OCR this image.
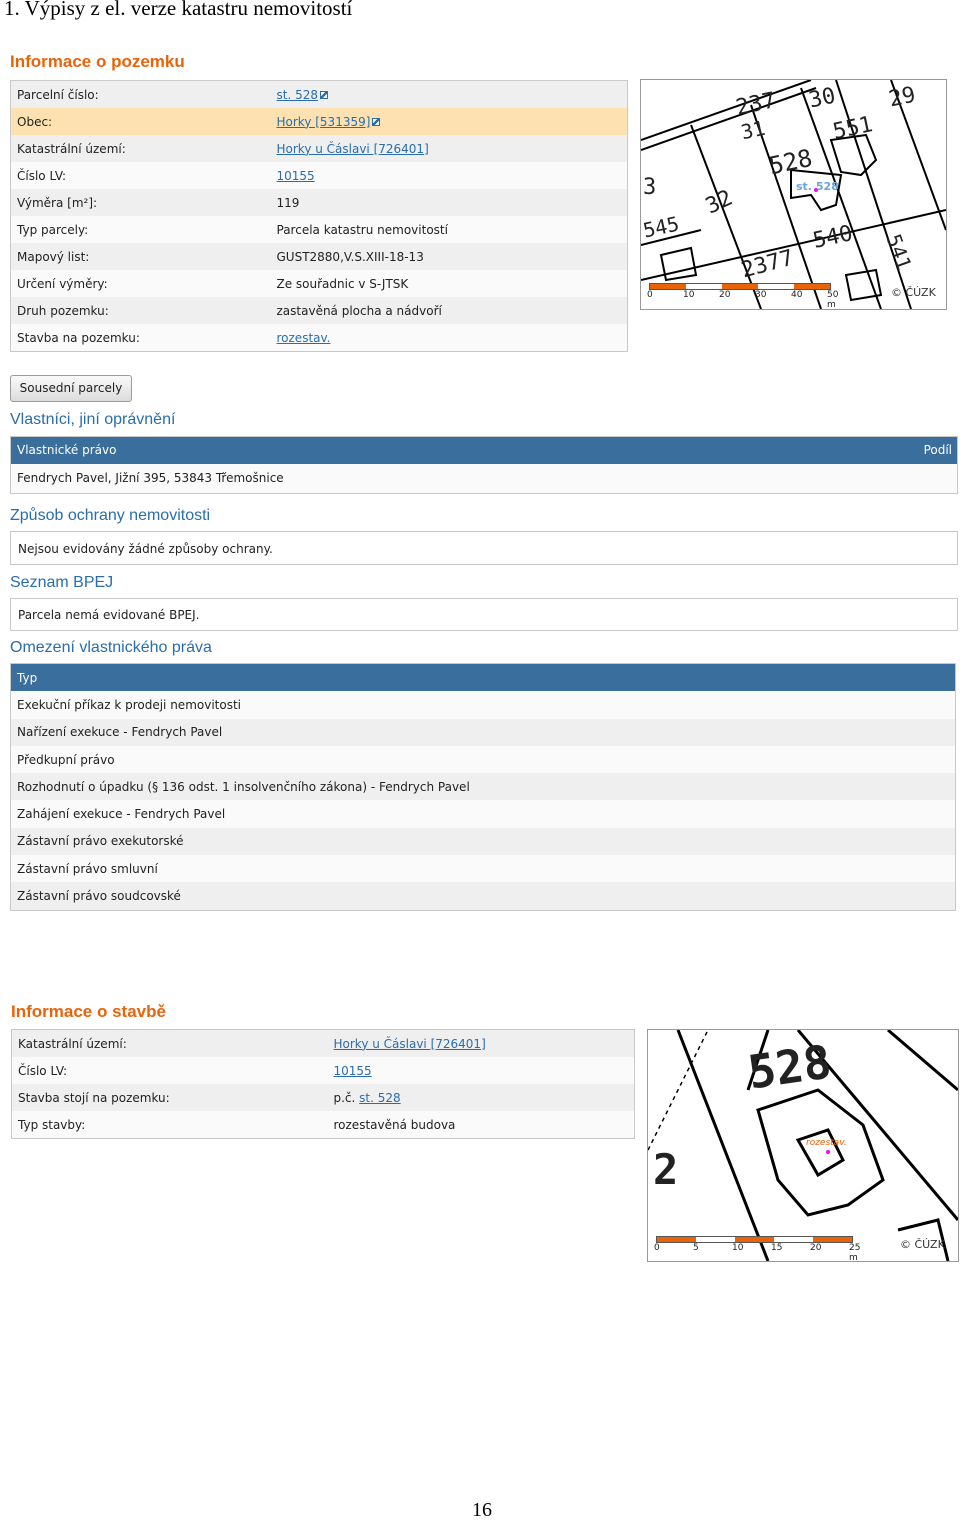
1. Výpisy z el. verze katastru nemovitostí
Informace o pozemku
Parcelní číslo:	st. 528
Obec:	Horky [531359]
Katastrální území:	Horky u Čáslavi [726401]
Číslo LV:	10155
Výměra [m²]:	119
Typ parcely:	Parcela katastru nemovitostí
Mapový list:	GUST2880,V.S.XIII-18-13
Určení výměry:	Ze souřadnic v S-JTSK
Druh pozemku:	zastavěná plocha a nádvoří
Stavba na pozemku:	rozestav.
237
31
30 29
551
528
3 32
545	540
2377	541
st. 528
0	10	20	30	40	50 m
© ČÚZK
Sousední parcely
Vlastníci, jiní oprávnění
Vlastnické právo	Podíl
Fendrych Pavel, Jižní 395, 53843 Třemošnice
Způsob ochrany nemovitosti
Nejsou evidovány žádné způsoby ochrany.
Seznam BPEJ
Parcela nemá evidované BPEJ.
Omezení vlastnického práva
Typ
Exekuční příkaz k prodeji nemovitosti
Nařízení exekuce - Fendrych Pavel
Předkupní právo
Rozhodnutí o úpadku (§ 136 odst. 1 insolvenčního zákona) - Fendrych Pavel
Zahájení exekuce - Fendrych Pavel
Zástavní právo exekutorské
Zástavní právo smluvní
Zástavní právo soudcovské
Informace o stavbě
Katastrální území:	Horky u Čáslavi [726401]
Číslo LV:	10155
Stavba stojí na pozemku:	p.č. st. 528
Typ stavby:	rozestavěná budova
528
2
rozestav.
0	5	10	15	20	25 m
© ČÚZK
16
